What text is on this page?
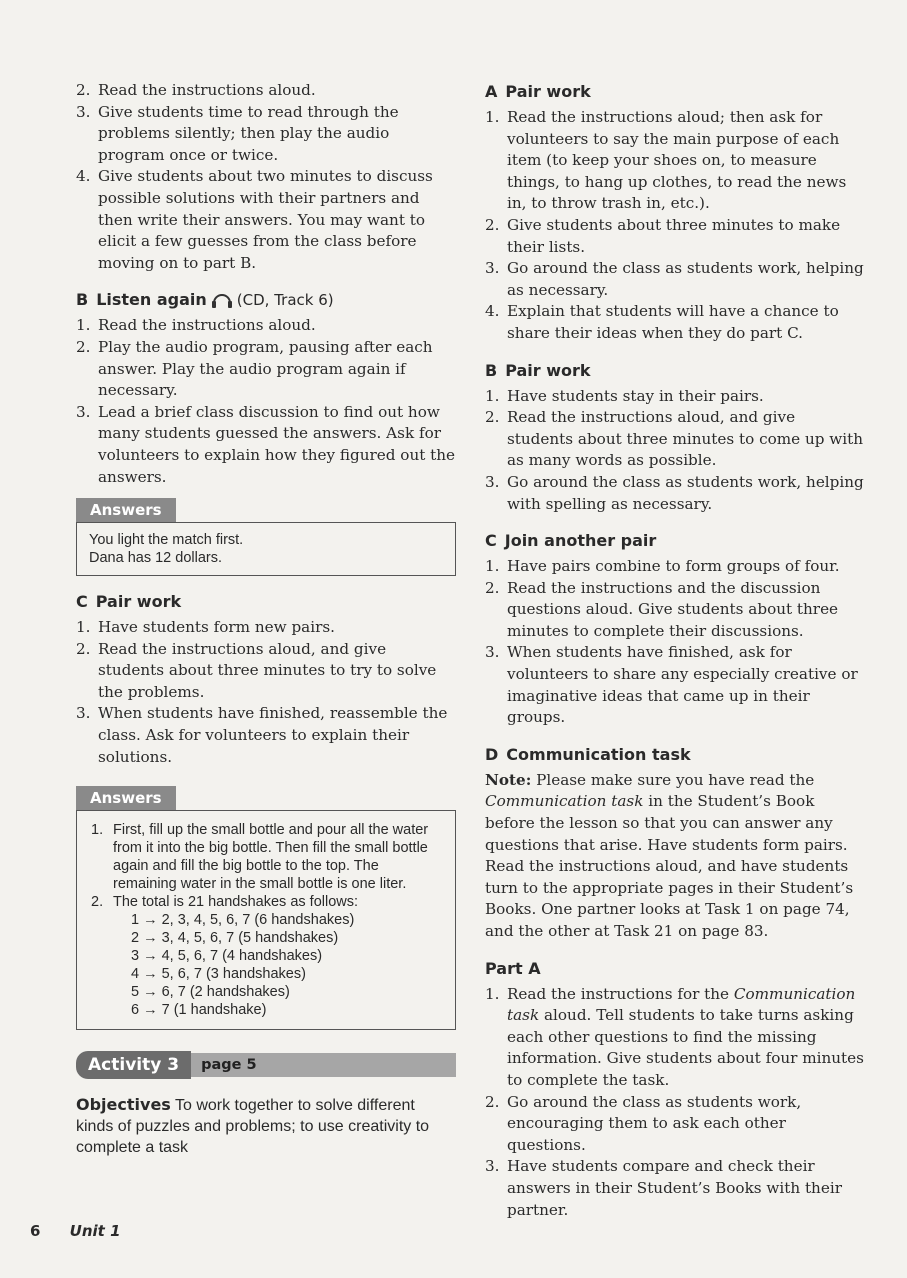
2. Read the instructions aloud.
3. Give students time to read through the problems silently; then play the audio program once or twice.
4. Give students about two minutes to discuss possible solutions with their partners and then write their answers. You may want to elicit a few guesses from the class before moving on to part B.
B Listen again (CD, Track 6)
1. Read the instructions aloud.
2. Play the audio program, pausing after each answer. Play the audio program again if necessary.
3. Lead a brief class discussion to find out how many students guessed the answers. Ask for volunteers to explain how they figured out the answers.
Answers
You light the match first.
Dana has 12 dollars.
C Pair work
1. Have students form new pairs.
2. Read the instructions aloud, and give students about three minutes to try to solve the problems.
3. When students have finished, reassemble the class. Ask for volunteers to explain their solutions.
Answers
1. First, fill up the small bottle and pour all the water from it into the big bottle. Then fill the small bottle again and fill the big bottle to the top. The remaining water in the small bottle is one liter.
2. The total is 21 handshakes as follows:
1 → 2, 3, 4, 5, 6, 7 (6 handshakes)
2 → 3, 4, 5, 6, 7 (5 handshakes)
3 → 4, 5, 6, 7 (4 handshakes)
4 → 5, 6, 7 (3 handshakes)
5 → 6, 7 (2 handshakes)
6 → 7 (1 handshake)
Activity 3	page 5
Objectives To work together to solve different kinds of puzzles and problems; to use creativity to complete a task
A Pair work
1. Read the instructions aloud; then ask for volunteers to say the main purpose of each item (to keep your shoes on, to measure things, to hang up clothes, to read the news in, to throw trash in, etc.).
2. Give students about three minutes to make their lists.
3. Go around the class as students work, helping as necessary.
4. Explain that students will have a chance to share their ideas when they do part C.
B Pair work
1. Have students stay in their pairs.
2. Read the instructions aloud, and give students about three minutes to come up with as many words as possible.
3. Go around the class as students work, helping with spelling as necessary.
C Join another pair
1. Have pairs combine to form groups of four.
2. Read the instructions and the discussion questions aloud. Give students about three minutes to complete their discussions.
3. When students have finished, ask for volunteers to share any especially creative or imaginative ideas that came up in their groups.
D Communication task

Note: Please make sure you have read the Communication task in the Student’s Book before the lesson so that you can answer any questions that arise. Have students form pairs. Read the instructions aloud, and have students turn to the appropriate pages in their Student’s Books. One partner looks at Task 1 on page 74, and the other at Task 21 on page 83.

Part A
1. Read the instructions for the Communication task aloud. Tell students to take turns asking each other questions to find the missing information. Give students about four minutes to complete the task.
2. Go around the class as students work, encouraging them to ask each other questions.
3. Have students compare and check their answers in their Student’s Books with their partner.
6 Unit 1
